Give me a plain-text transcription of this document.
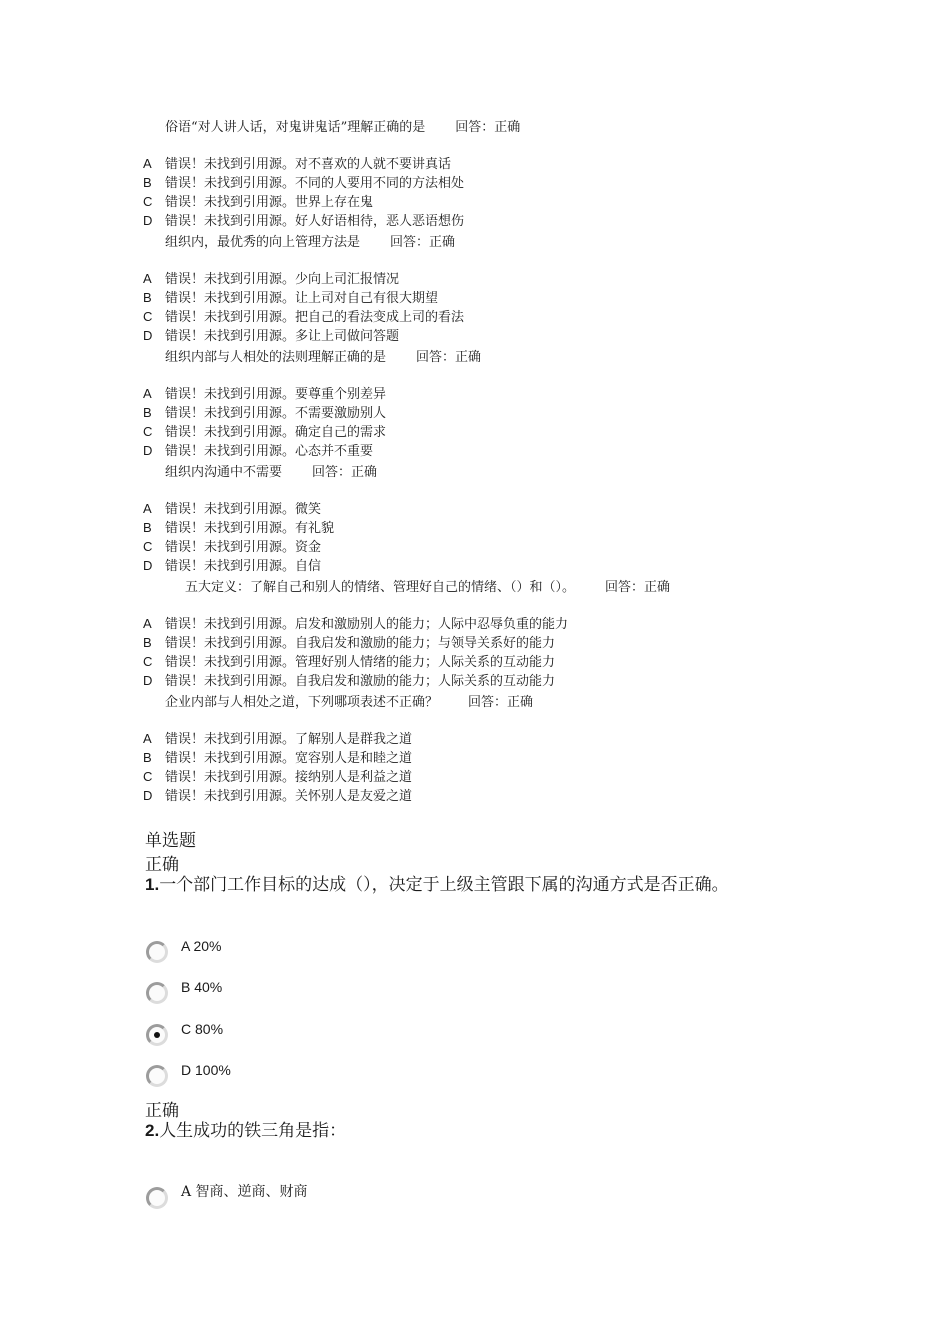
俗语“对人讲人话，对鬼讲鬼话”理解正确的是 回答：正确
A 错误！未找到引用源。对不喜欢的人就不要讲真话
B 错误！未找到引用源。不同的人要用不同的方法相处
C 错误！未找到引用源。世界上存在鬼
D 错误！未找到引用源。好人好语相待，恶人恶语想伤
组织内，最优秀的向上管理方法是 回答：正确
A 错误！未找到引用源。少向上司汇报情况
B 错误！未找到引用源。让上司对自己有很大期望
C 错误！未找到引用源。把自己的看法变成上司的看法
D 错误！未找到引用源。多让上司做问答题
组织内部与人相处的法则理解正确的是 回答：正确
A 错误！未找到引用源。要尊重个别差异
B 错误！未找到引用源。不需要激励别人
C 错误！未找到引用源。确定自己的需求
D 错误！未找到引用源。心态并不重要
组织内沟通中不需要 回答：正确
A 错误！未找到引用源。微笑
B 错误！未找到引用源。有礼貌
C 错误！未找到引用源。资金
D 错误！未找到引用源。自信
五大定义：了解自己和别人的情绪、管理好自己的情绪、（）和（）。 回答：正确
A 错误！未找到引用源。启发和激励别人的能力；人际中忍辱负重的能力
B 错误！未找到引用源。自我启发和激励的能力；与领导关系好的能力
C 错误！未找到引用源。管理好别人情绪的能力；人际关系的互动能力
D 错误！未找到引用源。自我启发和激励的能力；人际关系的互动能力
企业内部与人相处之道，下列哪项表述不正确？ 回答：正确
A 错误！未找到引用源。了解别人是群我之道
B 错误！未找到引用源。宽容别人是和睦之道
C 错误！未找到引用源。接纳别人是利益之道
D 错误！未找到引用源。关怀别人是友爱之道
单选题
正确
1.一个部门工作目标的达成（），决定于上级主管跟下属的沟通方式是否正确。
A 20%
B 40%
C 80%
D 100%
正确
2.人生成功的铁三角是指：
A 智商、逆商、财商
